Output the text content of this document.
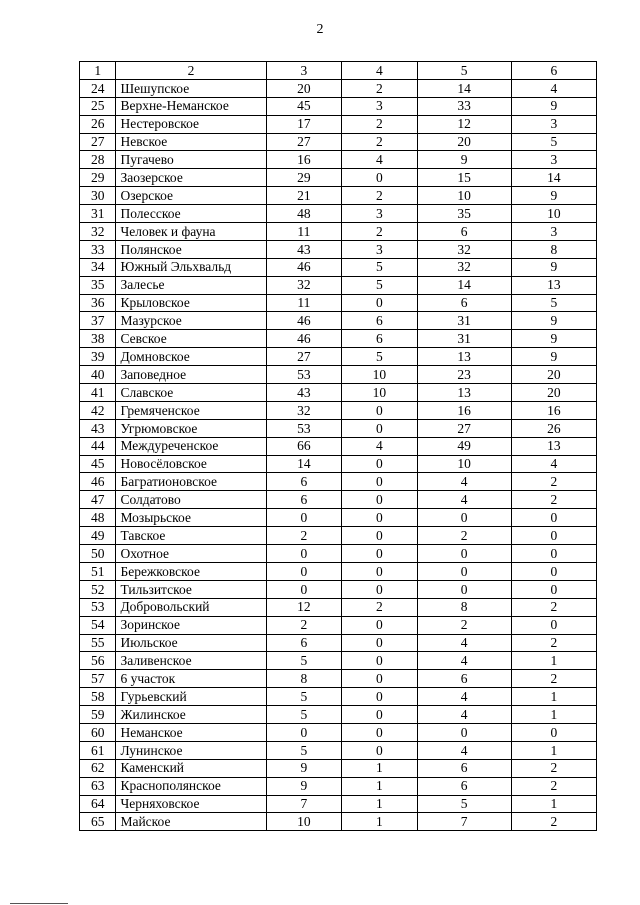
2
1	2	3	4	5	6
24	Шешупское	20	2	14	4
25	Верхне-Неманское	45	3	33	9
26	Нестеровское	17	2	12	3
27	Невское	27	2	20	5
28	Пугачево	16	4	9	3
29	Заозерское	29	0	15	14
30	Озерское	21	2	10	9
31	Полесское	48	3	35	10
32	Человек и фауна	11	2	6	3
33	Полянское	43	3	32	8
34	Южный Эльхвальд	46	5	32	9
35	Залесье	32	5	14	13
36	Крыловское	11	0	6	5
37	Мазурское	46	6	31	9
38	Севское	46	6	31	9
39	Домновское	27	5	13	9
40	Заповедное	53	10	23	20
41	Славское	43	10	13	20
42	Гремяченское	32	0	16	16
43	Угрюмовское	53	0	27	26
44	Междуреченское	66	4	49	13
45	Новосёловское	14	0	10	4
46	Багратионовское	6	0	4	2
47	Солдатово	6	0	4	2
48	Мозырьское	0	0	0	0
49	Тавское	2	0	2	0
50	Охотное	0	0	0	0
51	Бережковское	0	0	0	0
52	Тильзитское	0	0	0	0
53	Добровольский	12	2	8	2
54	Зоринское	2	0	2	0
55	Июльское	6	0	4	2
56	Заливенское	5	0	4	1
57	6 участок	8	0	6	2
58	Гурьевский	5	0	4	1
59	Жилинское	5	0	4	1
60	Неманское	0	0	0	0
61	Лунинское	5	0	4	1
62	Каменский	9	1	6	2
63	Краснополянское	9	1	6	2
64	Черняховское	7	1	5	1
65	Майское	10	1	7	2
